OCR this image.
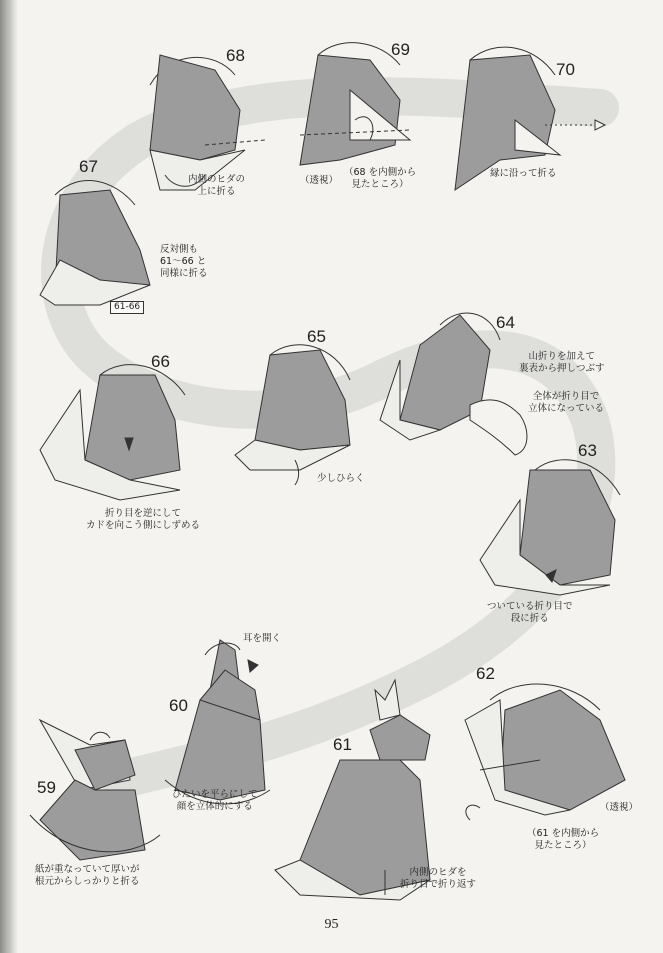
68	69
70
67
66
65
64
63
62
60
61
59
内側のヒダの
上に折る
（透視）
（68 を内側から
見たところ）
縁に沿って折る
反対側も
61〜66 と
同様に折る
61-66
折り目を逆にして
カドを向こう側にしずめる
少しひらく
山折りを加えて
裏表から押しつぶす
全体が折り目で
立体になっている
ついている折り目で
段に折る
（透視）
（61 を内側から
見たところ）
耳を開く
ひたいを平らにして
顔を立体的にする
内側のヒダを
折り目で折り返す
紙が重なっていて厚いが
根元からしっかりと折る
95
